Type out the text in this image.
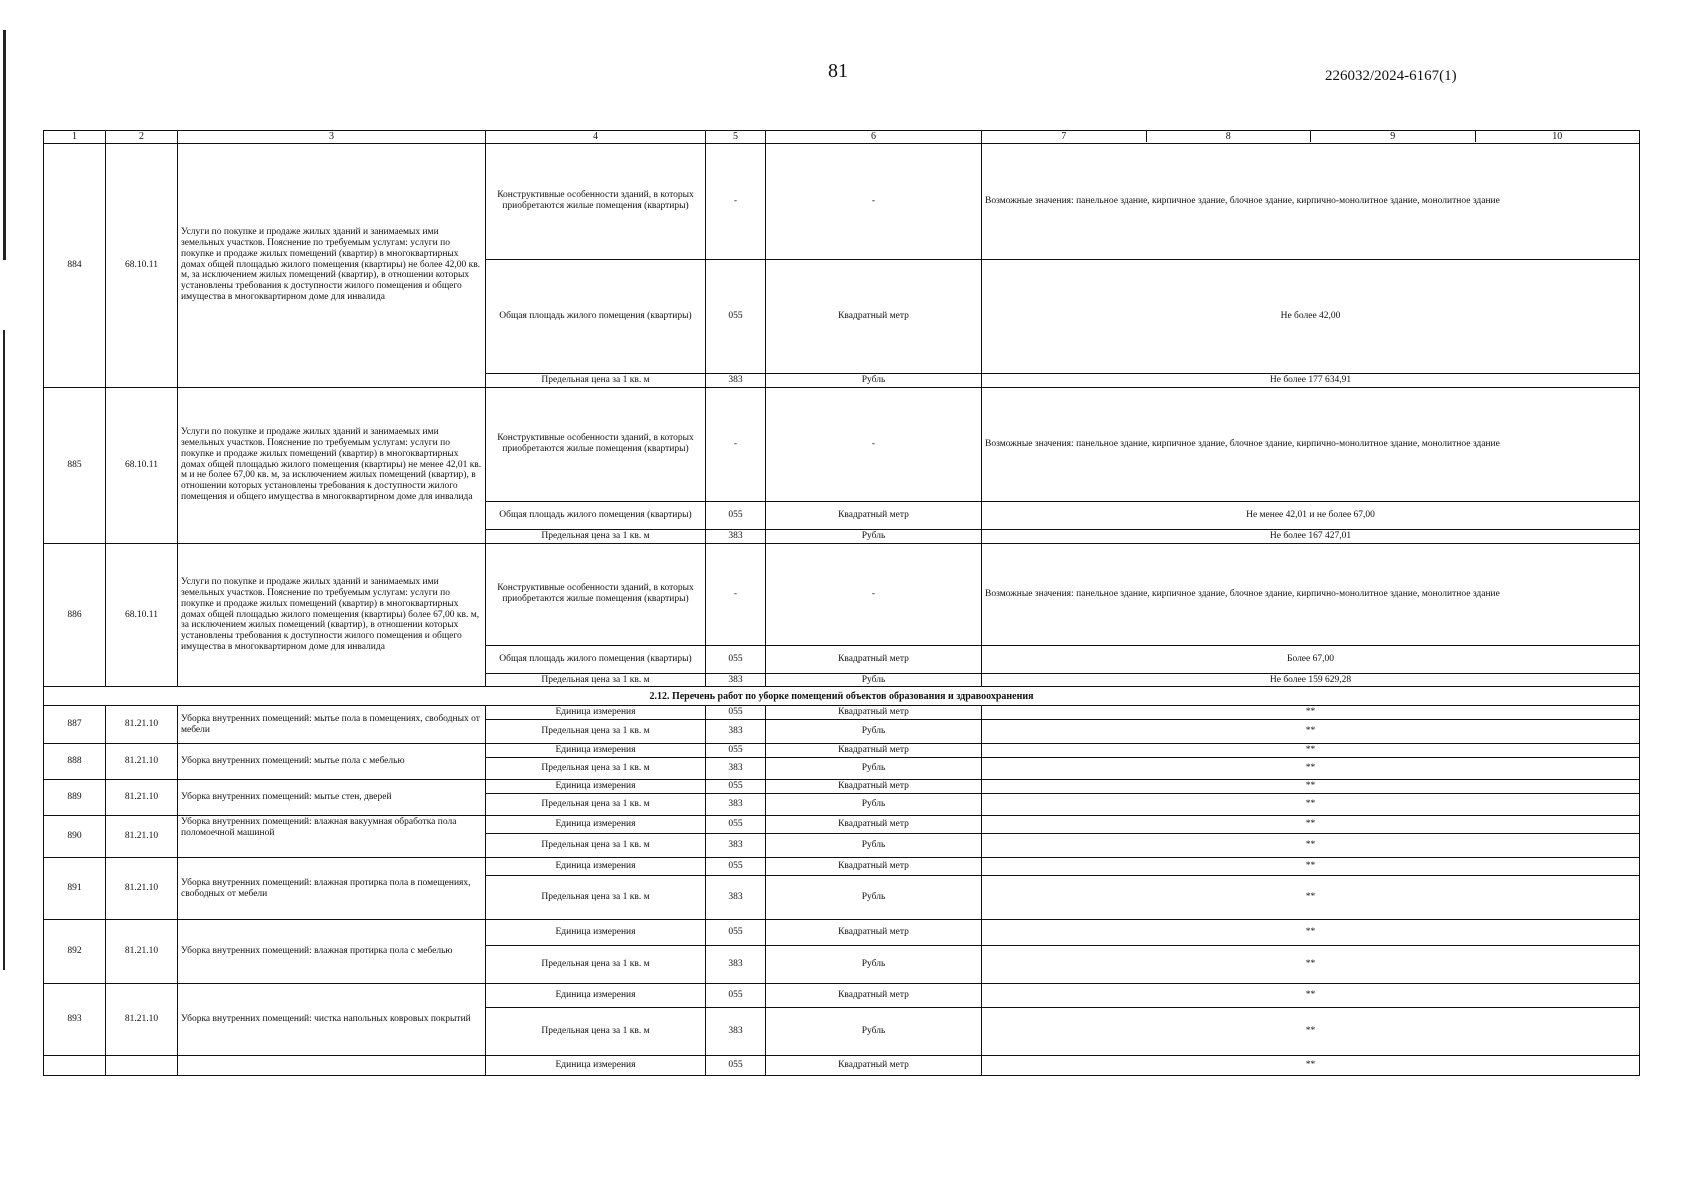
81	226032/2024-6167(1)
1	2	3	4	5	6	7 8 9 10

884	68.10.11	Услуги по покупке и продаже жилых зданий и занимаемых ими земельных участков. Пояснение по требуемым услугам: услуги по покупке и продаже жилых помещений (квартир) в многоквартирных домах общей площадью жилого помещения (квартиры) не более 42,00 кв. м, за исключением жилых помещений (квартир), в отношении которых установлены требования к доступности жилого помещения и общего имущества в многоквартирном доме для инвалида	Конструктивные особенности зданий, в которых приобретаются жилые помещения (квартиры)	-	-	Возможные значения: панельное здание, кирпичное здание, блочное здание, кирпично-монолитное здание, монолитное здание
			Общая площадь жилого помещения (квартиры)	055	Квадратный метр	Не более 42,00
			Предельная цена за 1 кв. м	383	Рубль	Не более 177 634,91
885	68.10.11	Услуги по покупке и продаже жилых зданий и занимаемых ими земельных участков. Пояснение по требуемым услугам: услуги по покупке и продаже жилых помещений (квартир) в многоквартирных домах общей площадью жилого помещения (квартиры) не менее 42,01 кв. м и не более 67,00 кв. м, за исключением жилых помещений (квартир), в отношении которых установлены требования к доступности жилого помещения и общего имущества в многоквартирном доме для инвалида	Конструктивные особенности зданий, в которых приобретаются жилые помещения (квартиры)	-	-	Возможные значения: панельное здание, кирпичное здание, блочное здание, кирпично-монолитное здание, монолитное здание
			Общая площадь жилого помещения (квартиры)	055	Квадратный метр	Не менее 42,01 и не более 67,00
			Предельная цена за 1 кв. м	383	Рубль	Не более 167 427,01
886	68.10.11	Услуги по покупке и продаже жилых зданий и занимаемых ими земельных участков. Пояснение по требуемым услугам: услуги по покупке и продаже жилых помещений (квартир) в многоквартирных домах общей площадью жилого помещения (квартиры) более 67,00 кв. м, за исключением жилых помещений (квартир), в отношении которых установлены требования к доступности жилого помещения и общего имущества в многоквартирном доме для инвалида	Конструктивные особенности зданий, в которых приобретаются жилые помещения (квартиры)	-	-	Возможные значения: панельное здание, кирпичное здание, блочное здание, кирпично-монолитное здание, монолитное здание
			Общая площадь жилого помещения (квартиры)	055	Квадратный метр	Более 67,00
			Предельная цена за 1 кв. м	383	Рубль	Не более 159 629,28
2.12. Перечень работ по уборке помещений объектов образования и здравоохранения						
887	81.21.10	Уборка внутренних помещений: мытье пола в помещениях, свободных от мебели	Единица измерения	055	Квадратный метр	**
			Предельная цена за 1 кв. м	383	Рубль	**
888	81.21.10	Уборка внутренних помещений: мытье пола с мебелью	Единица измерения	055	Квадратный метр	**
			Предельная цена за 1 кв. м	383	Рубль	**
889	81.21.10	Уборка внутренних помещений: мытье стен, дверей	Единица измерения	055	Квадратный метр	**
			Предельная цена за 1 кв. м	383	Рубль	**
890	81.21.10	Уборка внутренних помещений: влажная вакуумная обработка пола поломоечной машиной	Единица измерения	055	Квадратный метр	**
			Предельная цена за 1 кв. м	383	Рубль	**
891	81.21.10	Уборка внутренних помещений: влажная протирка пола в помещениях, свободных от мебели	Единица измерения	055	Квадратный метр	**
			Предельная цена за 1 кв. м	383	Рубль	**
892	81.21.10	Уборка внутренних помещений: влажная протирка пола с мебелью	Единица измерения	055	Квадратный метр	**
			Предельная цена за 1 кв. м	383	Рубль	**
893	81.21.10	Уборка внутренних помещений: чистка напольных ковровых покрытий	Единица измерения	055	Квадратный метр	**
			Предельная цена за 1 кв. м	383	Рубль	**
			Единица измерения	055	Квадратный метр	**
